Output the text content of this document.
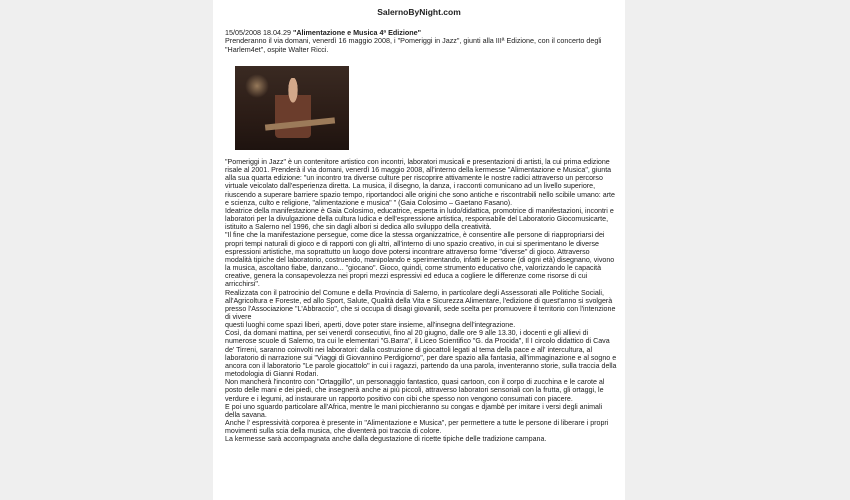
SalernoByNight.com
15/05/2008 18.04.29 "Alimentazione e Musica 4ª Edizione"
Prenderanno il via domani, venerdì 16 maggio 2008, i "Pomeriggi in Jazz", giunti alla IIIª Edizione, con il concerto degli "Harlem4et", ospite Walter Ricci.

"Pomeriggi in Jazz" è un contenitore artistico con incontri, laboratori musicali e presentazioni di artisti, la cui prima edizione risale al 2001. Prenderà il via domani, venerdì 16 maggio 2008, all'interno della kermesse "Alimentazione e Musica", giunta alla sua quarta edizione: "un incontro tra diverse culture per riscoprire attivamente le nostre radici attraverso un percorso virtuale veicolato dall'esperienza diretta. La musica, il disegno, la danza, i racconti comunicano ad un livello superiore, riuscendo a superare barriere spazio tempo, riportandoci alle origini che sono antiche e riscontrabili nello scibile umano: arte e scienza, culto e religione, "alimentazione e musica" " (Gaia Colosimo – Gaetano Fasano).

Ideatrice della manifestazione è Gaia Colosimo, educatrice, esperta in ludo/didattica, promotrice di manifestazioni, incontri e laboratori per la divulgazione della cultura ludica e dell'espressione artistica, responsabile del Laboratorio Giocomusicarte, istituito a Salerno nel 1996, che sin dagli albori si dedica allo sviluppo della creatività.

"Il fine che la manifestazione persegue, come dice la stessa organizzatrice, è consentire alle persone di riappropriarsi dei propri tempi naturali di gioco e di rapporti con gli altri, all'interno di uno spazio creativo, in cui si sperimentano le diverse espressioni artistiche, ma soprattutto un luogo dove potersi incontrare attraverso forme "diverse" di gioco. Attraverso modalità tipiche del laboratorio, costruendo, manipolando e sperimentando, infatti le persone (di ogni età) disegnano, vivono la musica, ascoltano fiabe, danzano... "giocano". Gioco, quindi, come strumento educativo che, valorizzando le capacità creative, genera la consapevolezza nei propri mezzi espressivi ed educa a cogliere le differenze come risorse di cui arricchirsi".

Realizzata con il patrocinio del Comune e della Provincia di Salerno, in particolare degli Assessorati alle Politiche Sociali, all'Agricoltura e Foreste, ed allo Sport, Salute, Qualità della Vita e Sicurezza Alimentare, l'edizione di quest'anno si svolgerà presso l'Associazione "L'Abbraccio", che si occupa di disagi giovanili, sede scelta per promuovere il territorio con l'intenzione di vivere

questi luoghi come spazi liberi, aperti, dove poter stare insieme, all'insegna dell'integrazione.

Così, da domani mattina, per sei venerdì consecutivi, fino al 20 giugno, dalle ore 9 alle 13.30, i docenti e gli allievi di numerose scuole di Salerno, tra cui le elementari "G.Barra", il Liceo Scientifico "G. da Procida", Il I circolo didattico di Cava de' Tirreni, saranno coinvolti nei laboratori: dalla costruzione di giocattoli legati al tema della pace e all' intercultura, al laboratorio di narrazione sui "Viaggi di Giovannino Perdigiorno", per dare spazio alla fantasia, all'immaginazione e al sogno e ancora con il laboratorio "Le parole giocattolo" in cui i ragazzi, partendo da una parola, inventeranno storie, sulla traccia della metodologia di Gianni Rodari.

Non mancherà l'incontro con "Ortaggillo", un personaggio fantastico, quasi cartoon, con il corpo di zucchina e le carote al posto delle mani e dei piedi, che insegnerà anche ai più piccoli, attraverso laboratori sensoriali con la frutta, gli ortaggi, le verdure e i legumi, ad instaurare un rapporto positivo con cibi che spesso non vengono consumati con piacere.

E poi uno sguardo particolare all'Africa, mentre le mani picchieranno su congas e djambè per imitare i versi degli animali della savana.

Anche l' espressività corporea è presente in "Alimentazione e Musica", per permettere a tutte le persone di liberare i propri movimenti sulla scia della musica, che diventerà poi traccia di colore.

La kermesse sarà accompagnata anche dalla degustazione di ricette tipiche delle tradizione campana.
